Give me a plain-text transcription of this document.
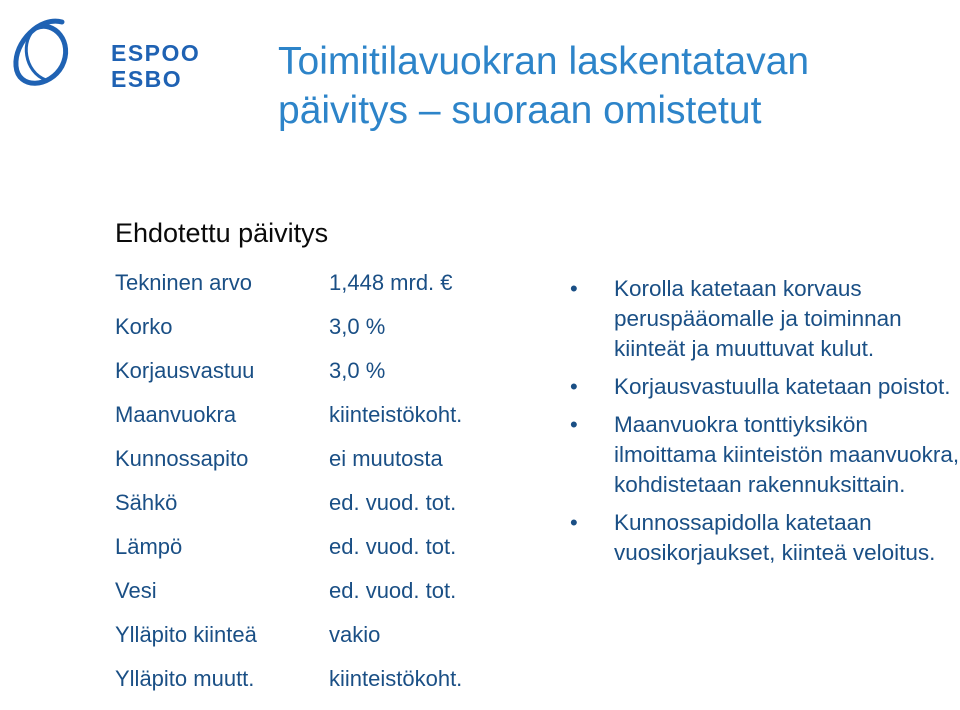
ESPOO
ESBO Toimitilavuokran laskentatavan
päivitys – suoraan omistetut
Ehdotettu päivitys
Tekninen arvo	1,448 mrd. €
Korko	3,0 %
Korjausvastuu	3,0 %
Maanvuokra	kiinteistökoht.
Kunnossapito	ei muutosta
Sähkö	ed. vuod. tot.
Lämpö	ed. vuod. tot.
Vesi	ed. vuod. tot.
Ylläpito kiinteä	vakio
Ylläpito muutt.	kiinteistökoht.
• Korolla katetaan korvaus peruspääomalle ja toiminnan kiinteät ja muuttuvat kulut.
• Korjausvastuulla katetaan poistot.
• Maanvuokra tonttiyksikön ilmoittama kiinteistön maanvuokra, kohdistetaan rakennuksittain.
• Kunnossapidolla katetaan vuosikorjaukset, kiinteä veloitus.
